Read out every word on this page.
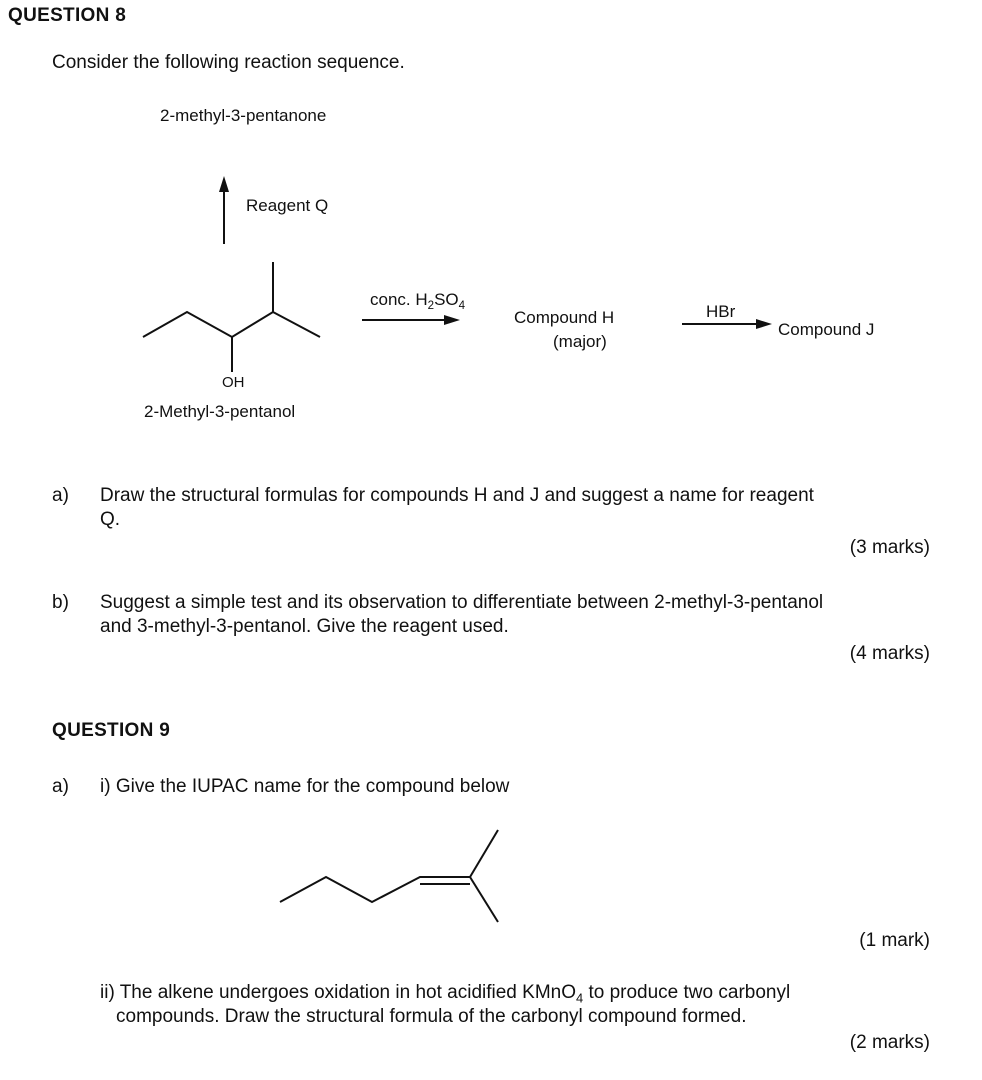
QUESTION 8
Consider the following reaction sequence.
2-methyl-3-pentanone
Reagent Q
OH
2-Methyl-3-pentanol
conc. $H_2SO_4$
Compound H
(major)
HBr
Compound J
a) Draw the structural formulas for compounds H and J and suggest a name for reagent
Q.
(3 marks)
b) Suggest a simple test and its observation to differentiate between 2-methyl-3-pentanol
and 3-methyl-3-pentanol. Give the reagent used.
(4 marks)
QUESTION 9
a) i) Give the IUPAC name for the compound below
(1 mark)
ii) The alkene undergoes oxidation in hot acidified KMnO$_4$ to produce two carbonyl
compounds. Draw the structural formula of the carbonyl compound formed.
(2 marks)
